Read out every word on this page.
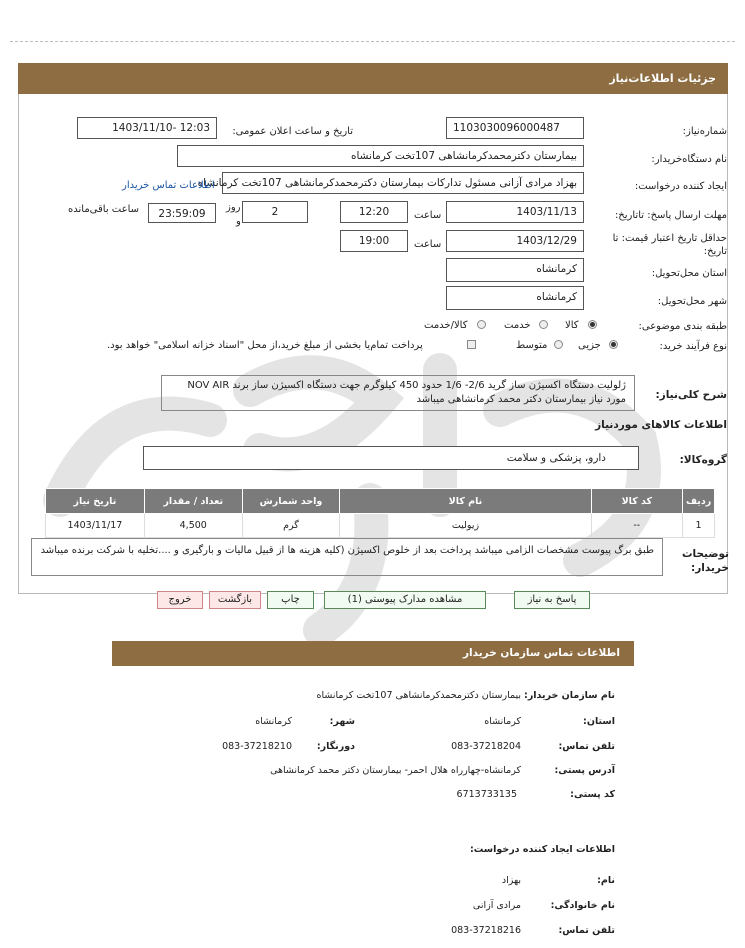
جزئیات اطلاعات‌نیاز
شماره‌نیاز:
1103030096000487
تاریخ و ساعت اعلان عمومی:
1403/11/10- 12:03
نام دستگاه‌خریدار:
بیمارستان دکترمحمدکرمانشاهی 107تخت کرمانشاه
ایجاد کننده درخواست:
بهزاد مرادی آزانی مسئول تدارکات بیمارستان دکترمحمدکرمانشاهی 107تخت کرمانشاه
اطلاعات تماس خریدار
مهلت ارسال پاسخ: تاتاریخ:
1403/11/13
ساعت
12:20
2
روز
و
23:59:09
ساعت باقی‌مانده
حداقل تاریخ اعتبار قیمت: تا تاریخ:
1403/12/29
ساعت
19:00
استان محل‌تحویل:
کرمانشاه
شهر محل‌تحویل:
کرمانشاه
طبقه بندی موضوعی:
کالا
خدمت
کالا/خدمت
نوع فرآیند خرید:
جزیی
متوسط
پرداخت تمام‌یا بخشی از مبلغ خرید،از محل "اسناد خزانه اسلامی" خواهد بود.
شرح کلی‌نیاز:
ژلولیت دستگاه اکسیژن ساز گرید 2/6- 1/6 حدود 450 کیلوگرم جهت دستگاه اکسیژن ساز برند NOV AIR
مورد نیاز بیمارستان دکتر محمد کرمانشاهی میباشد
اطلاعات کالاهای موردنیاز
گروه‌کالا:
دارو، پزشکی و سلامت
ردیف	کد کالا	نام کالا	واحد شمارش	تعداد / مقدار	تاریخ نیاز
1	--	زیولیت	گرم	4,500	1403/11/17
توضیحات خریدار:
طبق برگ پیوست مشخصات الزامی میباشد پرداخت بعد از خلوص اکسیژن (کلیه هزینه ها از قبیل مالیات و بارگیری و ....تخلیه با شرکت برنده میباشد
پاسخ به نیاز
مشاهده مدارک پیوستی (1)
چاپ
بازگشت
خروج
اطلاعات تماس سازمان خریدار
نام سازمان خریدار:
بیمارستان دکترمحمدکرمانشاهی 107تخت کرمانشاه
استان:
کرمانشاه
شهر:
کرمانشاه
تلفن تماس:
083-37218204
دورنگار:
083-37218210
آدرس پستی:
کرمانشاه-چهارراه هلال احمر- بیمارستان دکتر محمد کرمانشاهی
کد پستی:
6713733135
اطلاعات ایجاد کننده درخواست:
نام:
بهزاد
نام خانوادگی:
مرادی آزانی
تلفن تماس:
083-37218216
